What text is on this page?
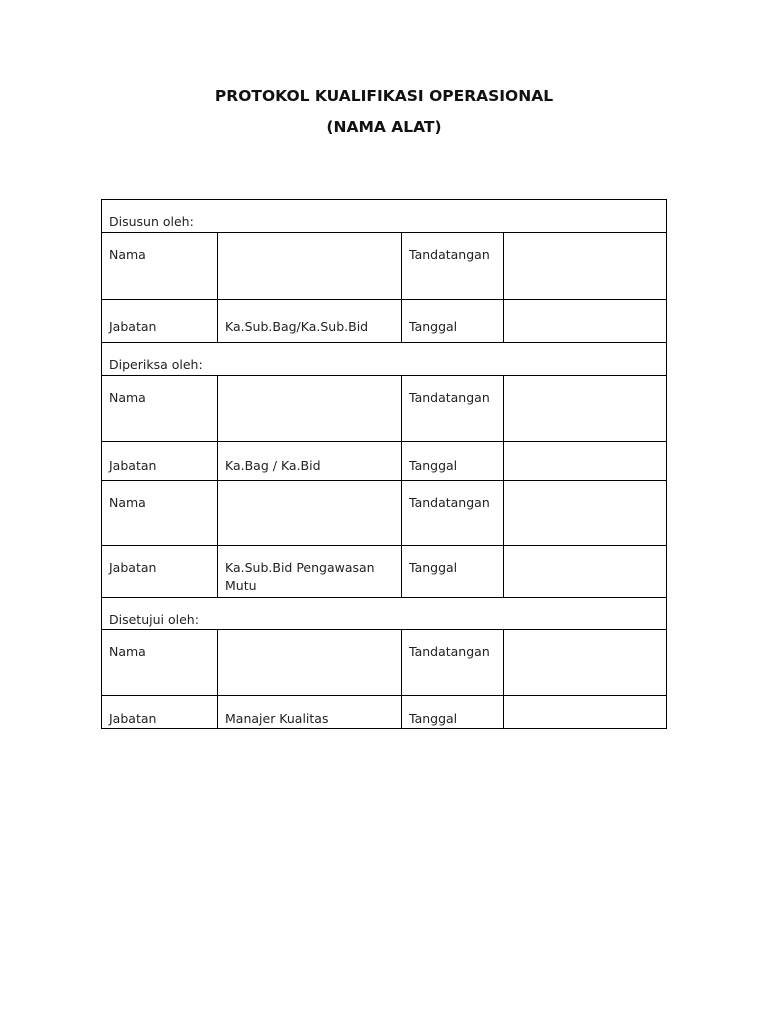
PROTOKOL KUALIFIKASI OPERASIONAL
(NAMA ALAT)
Disusun oleh:			
Nama		Tandatangan	
Jabatan	Ka.Sub.Bag/Ka.Sub.Bid	Tanggal	
Diperiksa oleh:			
Nama		Tandatangan	
Jabatan	Ka.Bag / Ka.Bid	Tanggal	
Nama		Tandatangan	
Jabatan	Ka.Sub.Bid Pengawasan Mutu	Tanggal	
Disetujui oleh:			
Nama		Tandatangan	
Jabatan	Manajer Kualitas	Tanggal	
